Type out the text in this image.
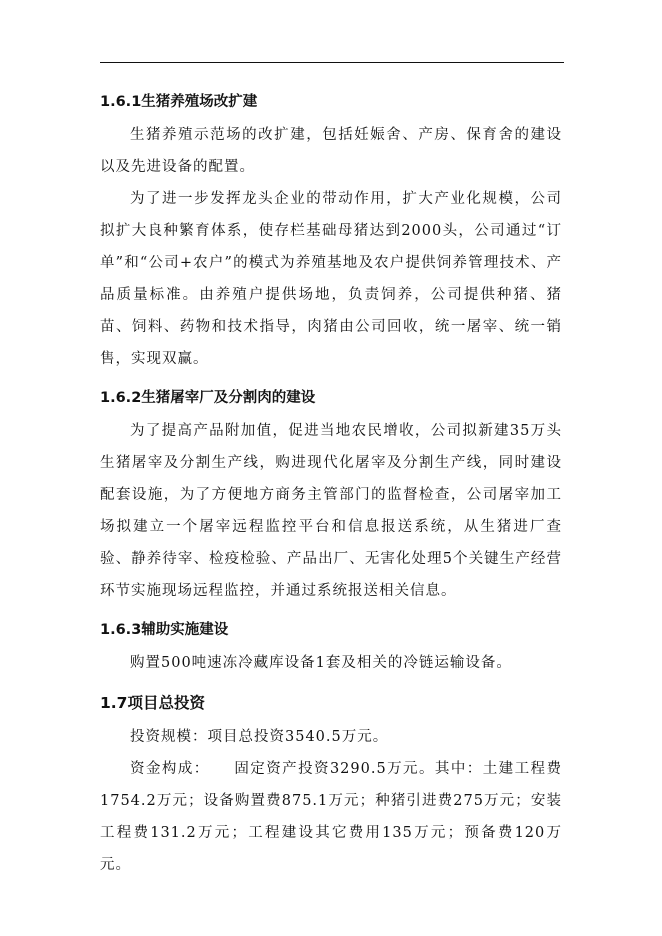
1.6.1生猪养殖场改扩建

生猪养殖示范场的改扩建，包括妊娠舍、产房、保育舍的建设以及先进设备的配置。

为了进一步发挥龙头企业的带动作用，扩大产业化规模，公司拟扩大良种繁育体系，使存栏基础母猪达到2000头，公司通过“订单”和“公司+农户”的模式为养殖基地及农户提供饲养管理技术、产品质量标准。由养殖户提供场地，负责饲养，公司提供种猪、猪苗、饲料、药物和技术指导，肉猪由公司回收，统一屠宰、统一销售，实现双赢。

1.6.2生猪屠宰厂及分割肉的建设

为了提高产品附加值，促进当地农民增收，公司拟新建35万头生猪屠宰及分割生产线，购进现代化屠宰及分割生产线，同时建设配套设施，为了方便地方商务主管部门的监督检查，公司屠宰加工场拟建立一个屠宰远程监控平台和信息报送系统，从生猪进厂查验、静养待宰、检疫检验、产品出厂、无害化处理5个关键生产经营环节实施现场远程监控，并通过系统报送相关信息。

1.6.3辅助实施建设

购置500吨速冻冷藏库设备1套及相关的冷链运输设备。

1.7项目总投资

投资规模：项目总投资3540.5万元。

资金构成：　　固定资产投资3290.5万元。其中：土建工程费1754.2万元；设备购置费875.1万元；种猪引进费275万元；安装工程费131.2万元；工程建设其它费用135万元；预备费120万元。
